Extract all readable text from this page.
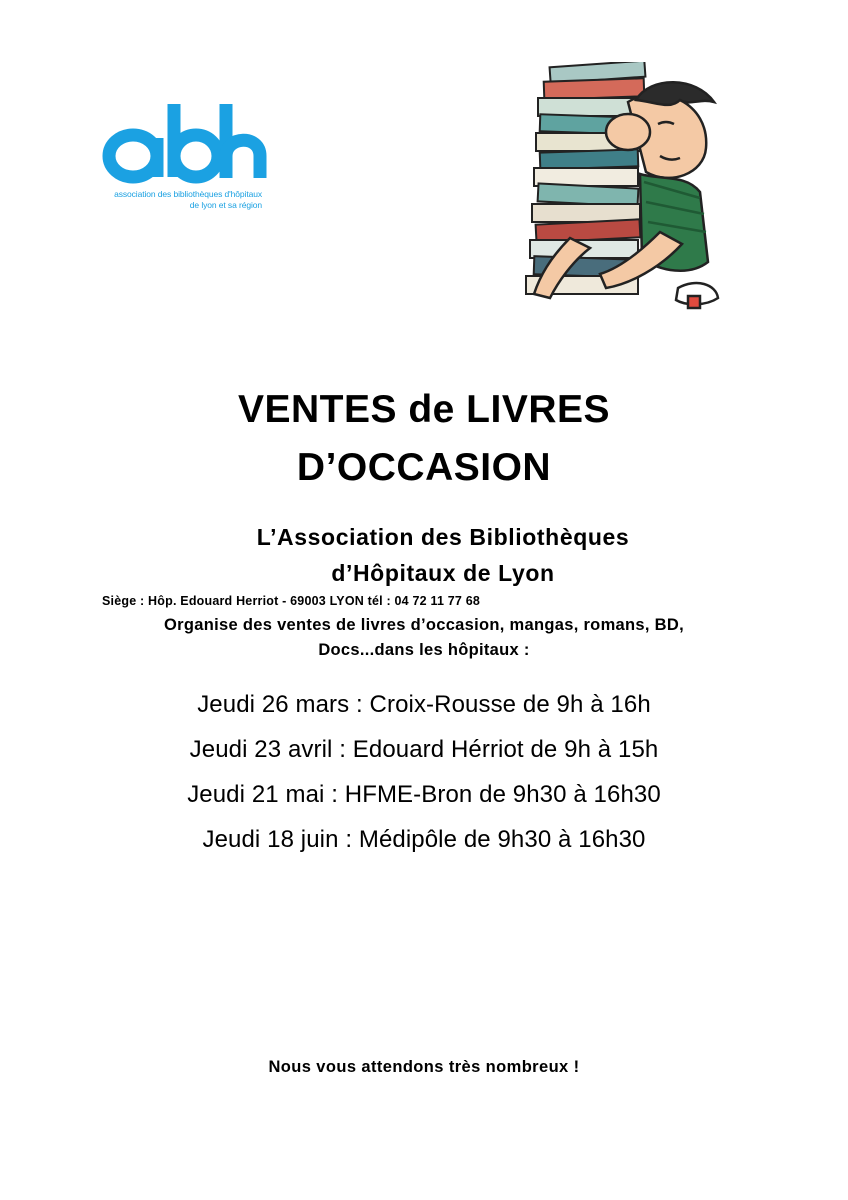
association des bibliothèques d'hôpitaux
de lyon et sa région
VENTES de LIVRES
D’OCCASION
L’Association des Bibliothèques
d’Hôpitaux de Lyon
Siège : Hôp. Edouard Herriot - 69003 LYON tél : 04 72 11 77 68
Organise des ventes de livres d’occasion, mangas, romans, BD,
Docs...dans les hôpitaux :
Jeudi 26 mars : Croix-Rousse de 9h à 16h
Jeudi 23 avril : Edouard Hérriot de 9h à 15h
Jeudi 21 mai : HFME-Bron de 9h30 à 16h30
Jeudi 18 juin : Médipôle de 9h30 à 16h30
Nous vous attendons très nombreux !
